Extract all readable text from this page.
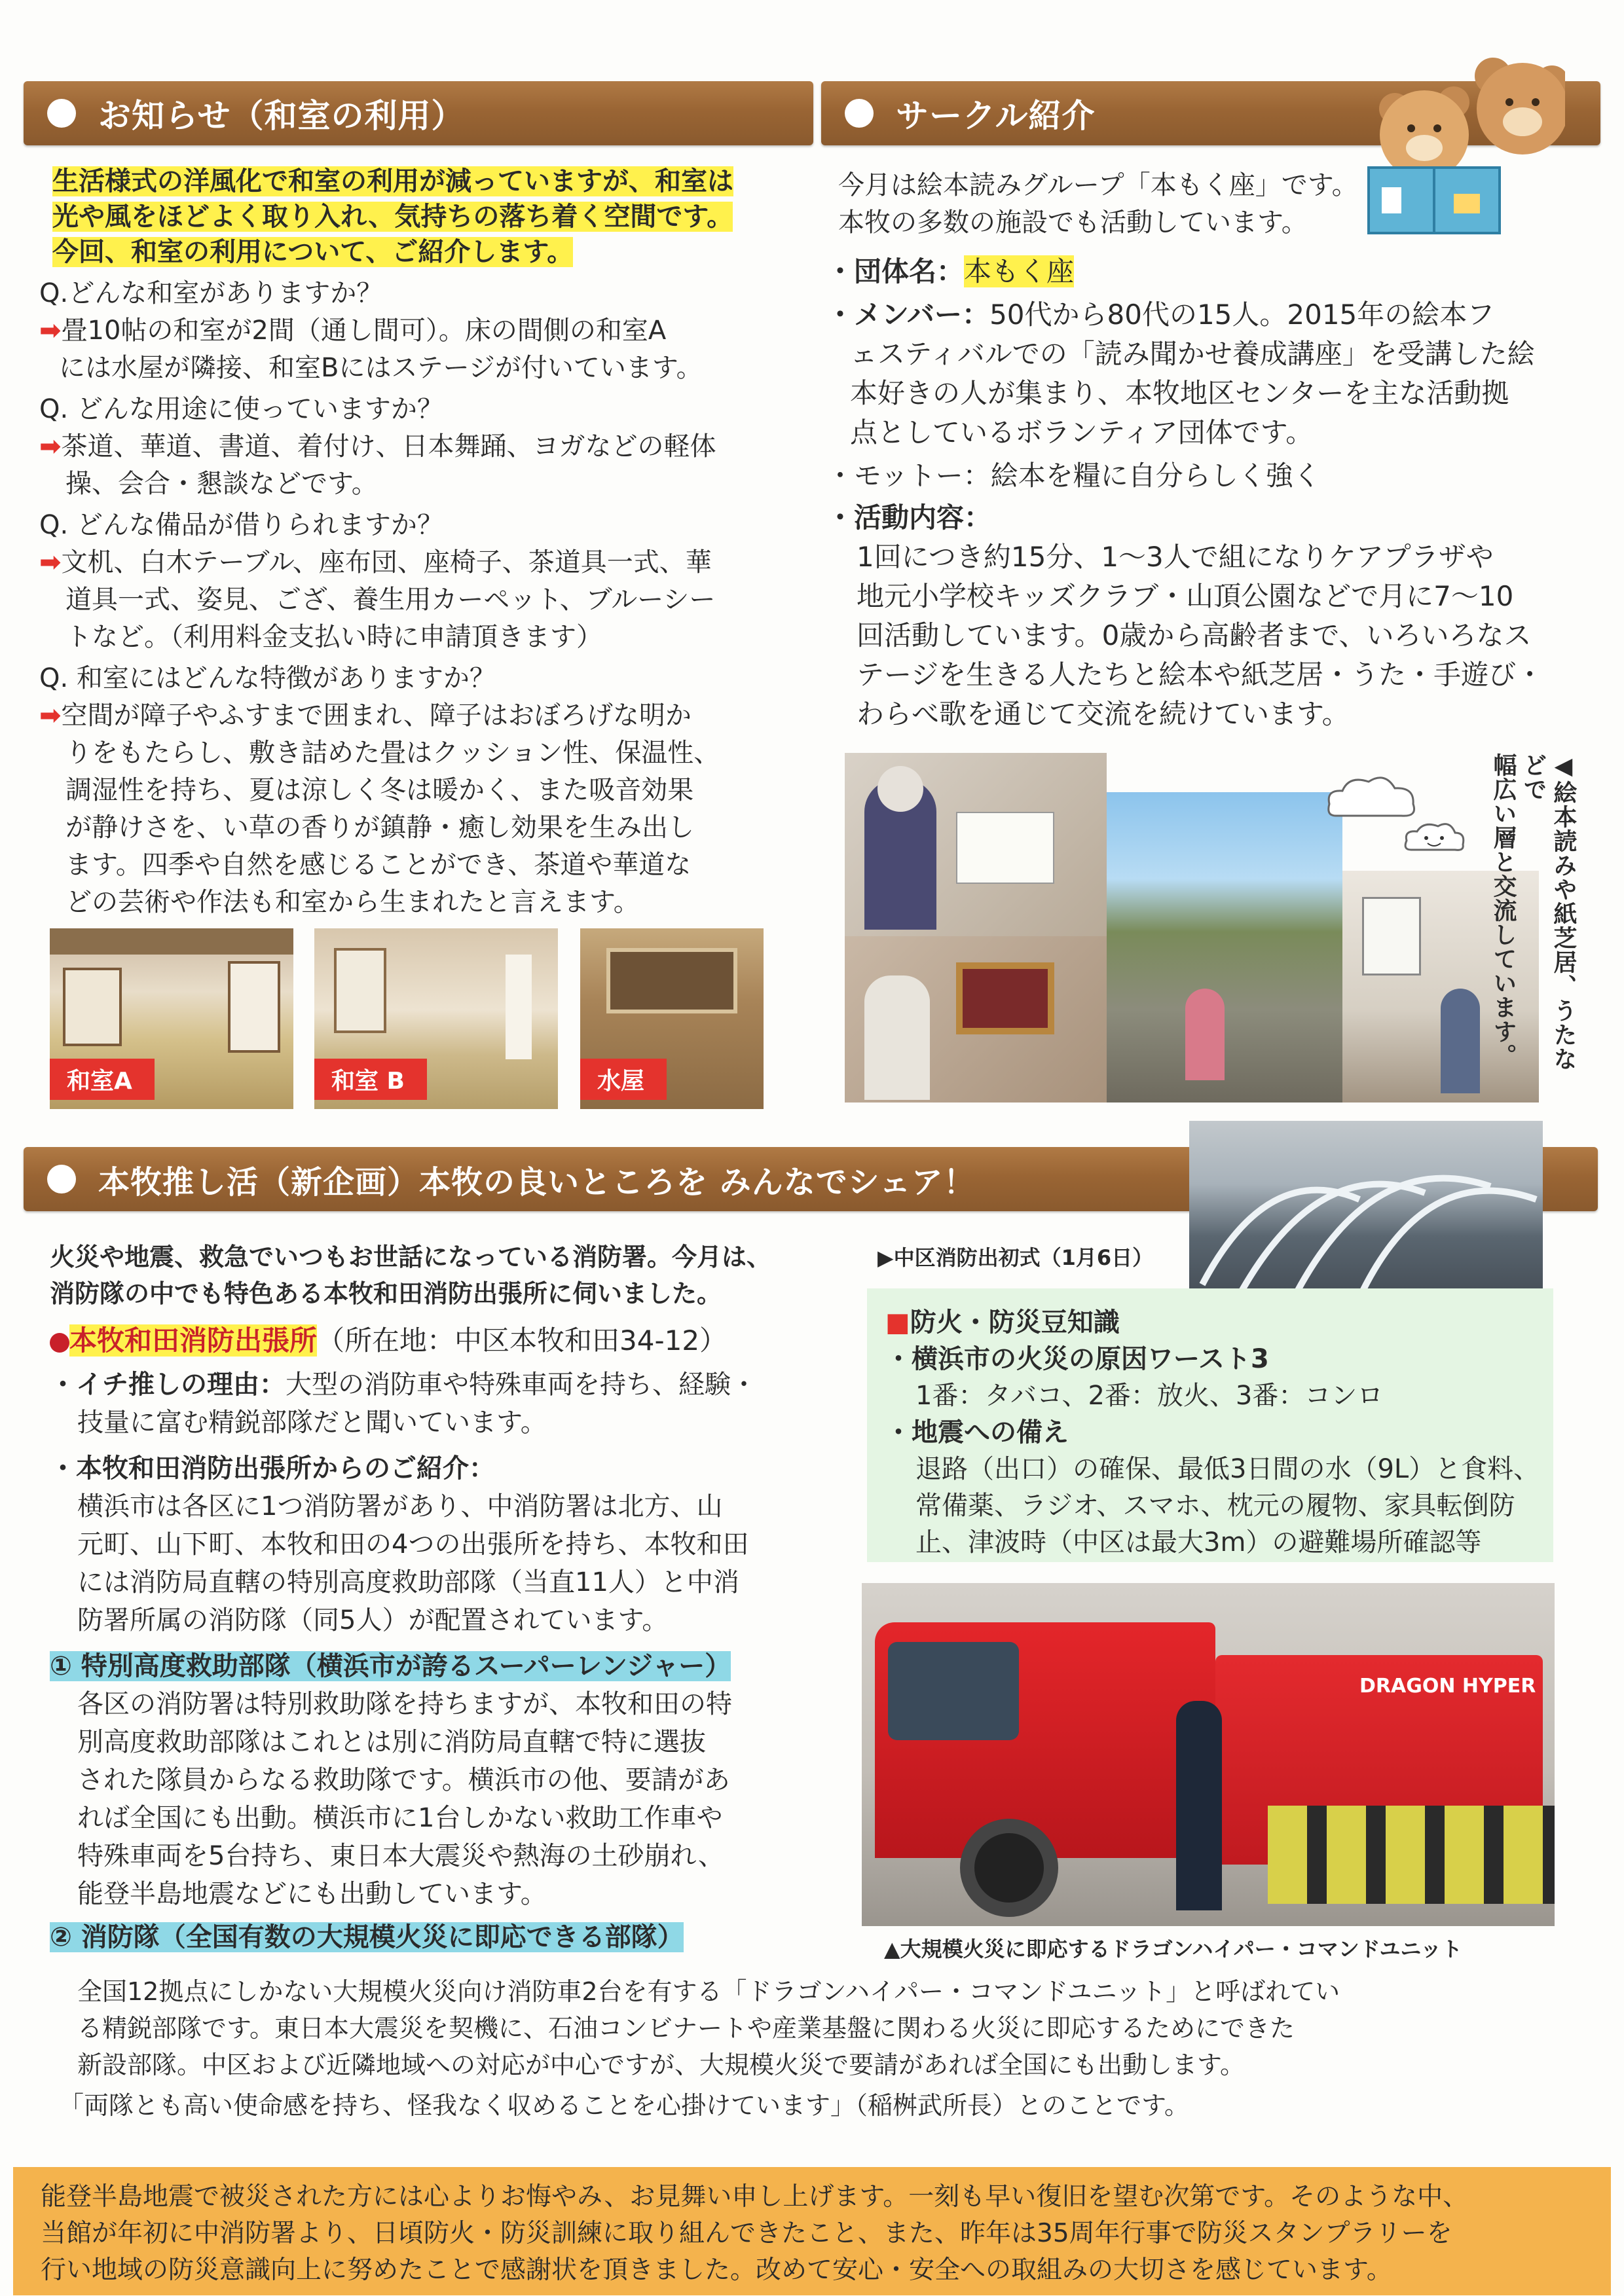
お知らせ（和室の利用）
生活様式の洋風化で和室の利用が減っていますが、和室は
光や風をほどよく取り入れ、気持ちの落ち着く空間です。
今回、和室の利用について、ご紹介します。
Q.どんな和室がありますか？
➡畳10帖の和室が2間（通し間可）。床の間側の和室A
には水屋が隣接、和室Bにはステージが付いています。
Q. どんな用途に使っていますか？
➡茶道、華道、書道、着付け、日本舞踊、ヨガなどの軽体
操、会合・懇談などです。
Q. どんな備品が借りられますか？
➡文机、白木テーブル、座布団、座椅子、茶道具一式、華
道具一式、姿見、ござ、養生用カーペット、ブルーシー
トなど。（利用料金支払い時に申請頂きます）
Q. 和室にはどんな特徴がありますか？
➡空間が障子やふすまで囲まれ、障子はおぼろげな明か
りをもたらし、敷き詰めた畳はクッション性、保温性、
調湿性を持ち、夏は涼しく冬は暖かく、また吸音効果
が静けさを、い草の香りが鎮静・癒し効果を生み出し
ます。四季や自然を感じることができ、茶道や華道な
どの芸術や作法も和室から生まれたと言えます。
和室A	和室 B	水屋
サークル紹介
今月は絵本読みグループ「本もく座」です。
本牧の多数の施設でも活動しています。
・団体名：本もく座
・メンバー：50代から80代の15人。2015年の絵本フ
ェスティバルでの「読み聞かせ養成講座」を受講した絵
本好きの人が集まり、本牧地区センターを主な活動拠
点としているボランティア団体です。
・モットー：絵本を糧に自分らしく強く
・活動内容：
1回につき約15分、1〜3人で組になりケアプラザや
地元小学校キッズクラブ・山頂公園などで月に7〜10
回活動しています。0歳から高齢者まで、いろいろなス
テージを生きる人たちと絵本や紙芝居・うた・手遊び・
わらべ歌を通じて交流を続けています。
◀絵本読みや紙芝居、うたなどで
幅広い層と交流しています。
本牧推し活（新企画）本牧の良いところを みんなでシェア！
▶中区消防出初式（1月6日）
火災や地震、救急でいつもお世話になっている消防署。今月は、
消防隊の中でも特色ある本牧和田消防出張所に伺いました。
本牧和田消防出張所（所在地：中区本牧和田34-12）
・イチ推しの理由：大型の消防車や特殊車両を持ち、経験・
技量に富む精鋭部隊だと聞いています。
・本牧和田消防出張所からのご紹介：
横浜市は各区に1つ消防署があり、中消防署は北方、山
元町、山下町、本牧和田の4つの出張所を持ち、本牧和田
には消防局直轄の特別高度救助部隊（当直11人）と中消
防署所属の消防隊（同5人）が配置されています。
① 特別高度救助部隊（横浜市が誇るスーパーレンジャー）
各区の消防署は特別救助隊を持ちますが、本牧和田の特
別高度救助部隊はこれとは別に消防局直轄で特に選抜
された隊員からなる救助隊です。横浜市の他、要請があ
れば全国にも出動。横浜市に1台しかない救助工作車や
特殊車両を5台持ち、東日本大震災や熱海の土砂崩れ、
能登半島地震などにも出動しています。
② 消防隊（全国有数の大規模火災に即応できる部隊）
全国12拠点にしかない大規模火災向け消防車2台を有する「ドラゴンハイパー・コマンドユニット」と呼ばれてい
る精鋭部隊です。東日本大震災を契機に、石油コンビナートや産業基盤に関わる火災に即応するためにできた
新設部隊。中区および近隣地域への対応が中心ですが、大規模火災で要請があれば全国にも出動します。
「両隊とも高い使命感を持ち、怪我なく収めることを心掛けています」（稲桝武所長）とのことです。
■防火・防災豆知識
・横浜市の火災の原因ワースト3
1番：タバコ、2番：放火、3番：コンロ
・地震への備え
退路（出口）の確保、最低3日間の水（9L）と食料、
常備薬、ラジオ、スマホ、枕元の履物、家具転倒防
止、津波時（中区は最大3m）の避難場所確認等
DRAGON HYPER
▲大規模火災に即応するドラゴンハイパー・コマンドユニット
能登半島地震で被災された方には心よりお悔やみ、お見舞い申し上げます。一刻も早い復旧を望む次第です。そのような中、
当館が年初に中消防署より、日頃防火・防災訓練に取り組んできたこと、また、昨年は35周年行事で防災スタンプラリーを
行い地域の防災意識向上に努めたことで感謝状を頂きました。改めて安心・安全への取組みの大切さを感じています。
